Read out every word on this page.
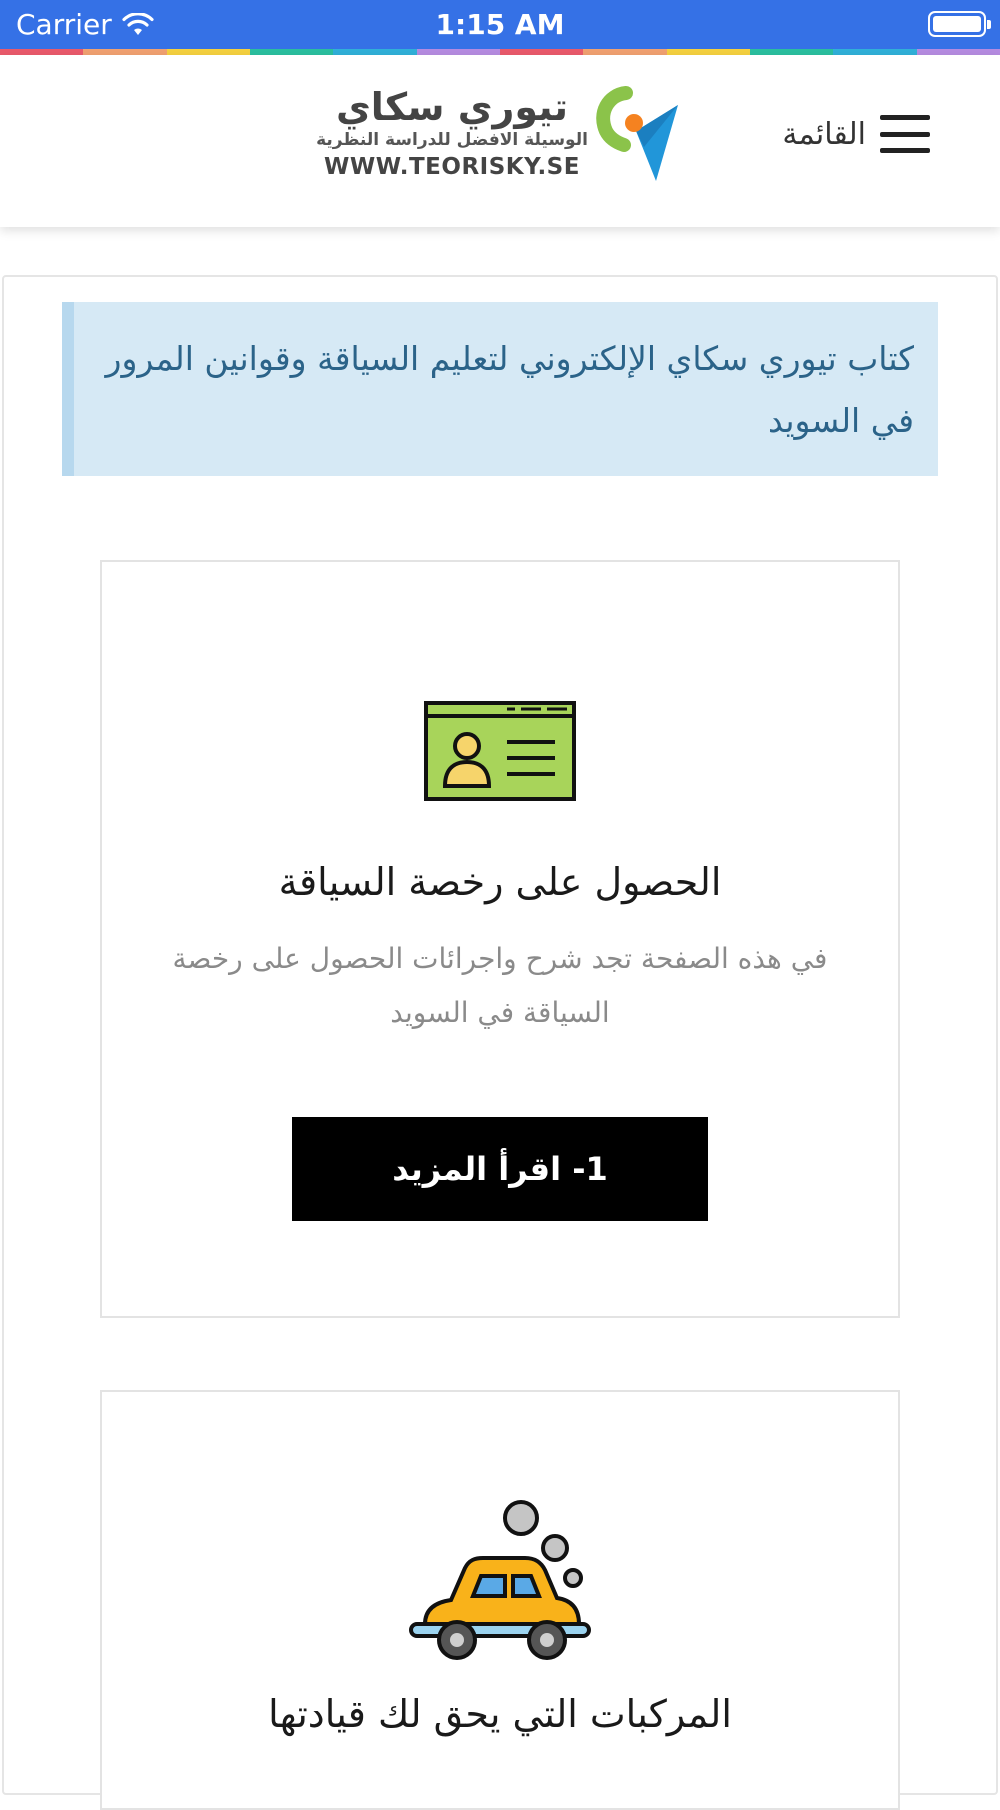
Carrier	1:15 AM
تيوري سكاي
الوسيلة الافضل للدراسة النظرية
WWW.TEORISKY.SE
القائمة
كتاب تيوري سكاي الإلكتروني لتعليم السياقة وقوانين المرور في السويد
الحصول على رخصة السياقة
في هذه الصفحة تجد شرح واجرائات الحصول على رخصة السياقة في السويد
1- اقرأ المزيد
المركبات التي يحق لك قيادتها
